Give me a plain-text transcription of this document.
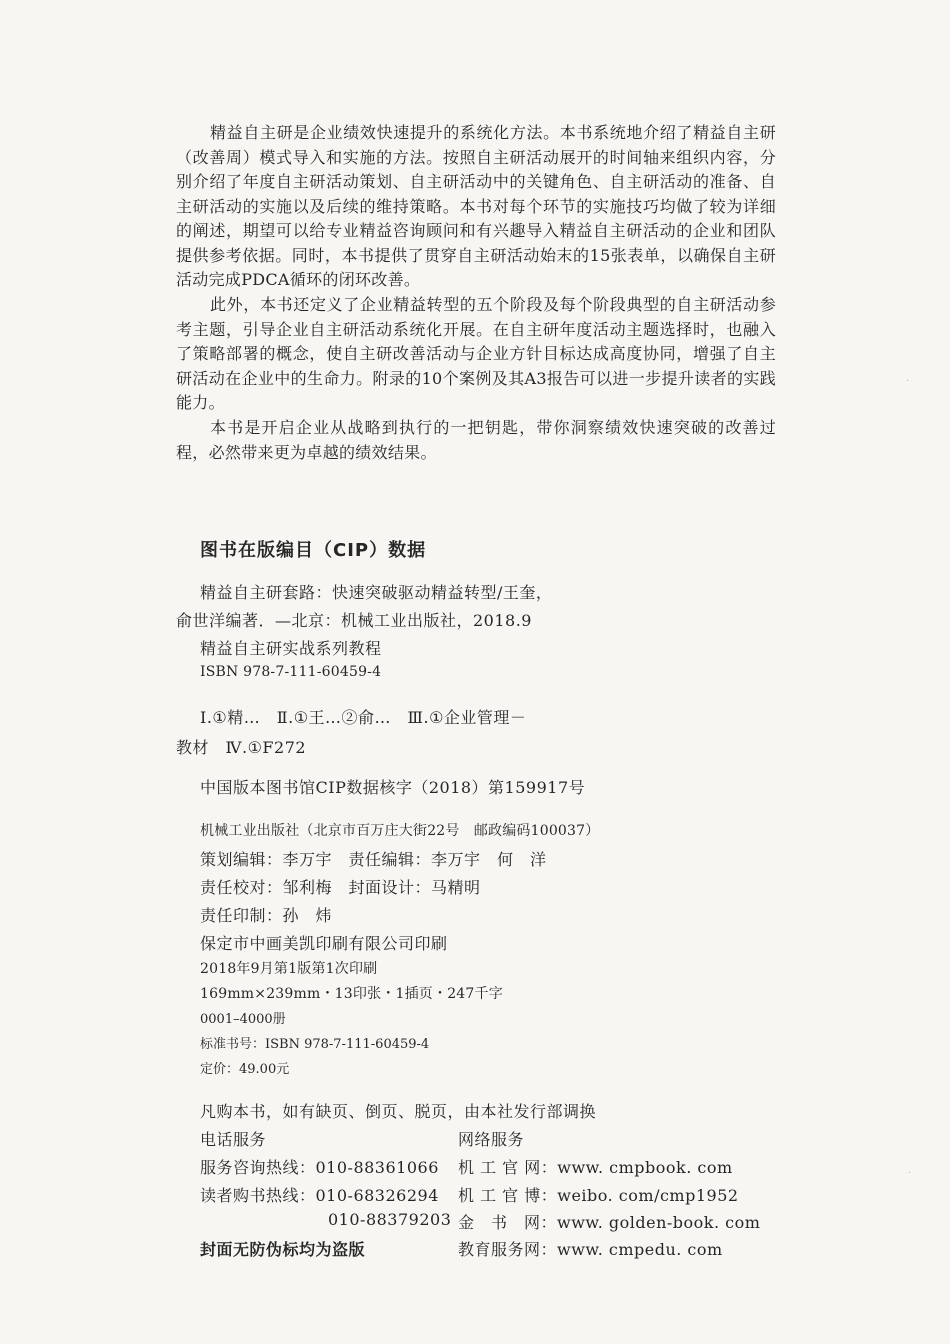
精益自主研是企业绩效快速提升的系统化方法。本书系统地介绍了精益自主研（改善周）模式导入和实施的方法。按照自主研活动展开的时间轴来组织内容，分别介绍了年度自主研活动策划、自主研活动中的关键角色、自主研活动的准备、自主研活动的实施以及后续的维持策略。本书对每个环节的实施技巧均做了较为详细的阐述，期望可以给专业精益咨询顾问和有兴趣导入精益自主研活动的企业和团队提供参考依据。同时，本书提供了贯穿自主研活动始末的15张表单，以确保自主研活动完成PDCA循环的闭环改善。

此外，本书还定义了企业精益转型的五个阶段及每个阶段典型的自主研活动参考主题，引导企业自主研活动系统化开展。在自主研年度活动主题选择时，也融入了策略部署的概念，使自主研改善活动与企业方针目标达成高度协同，增强了自主研活动在企业中的生命力。附录的10个案例及其A3报告可以进一步提升读者的实践能力。

本书是开启企业从战略到执行的一把钥匙，带你洞察绩效快速突破的改善过程，必然带来更为卓越的绩效结果。

图书在版编目（CIP）数据
精益自主研套路：快速突破驱动精益转型/王奎，
俞世洋编著．—北京：机械工业出版社，2018.9
精益自主研实战系列教程
ISBN 978-7-111-60459-4
Ⅰ.①精…　Ⅱ.①王…②俞…　Ⅲ.①企业管理－
教材　Ⅳ.①F272
中国版本图书馆CIP数据核字（2018）第159917号
机械工业出版社（北京市百万庄大街22号　邮政编码100037）
策划编辑：李万宇　责任编辑：李万宇　何　洋
责任校对：邹利梅　封面设计：马精明
责任印制：孙　炜
保定市中画美凯印刷有限公司印刷
2018年9月第1版第1次印刷
169mm×239mm・13印张・1插页・247千字
0001–4000册
标准书号：ISBN 978-7-111-60459-4
定价：49.00元
凡购本书，如有缺页、倒页、脱页，由本社发行部调换
电话服务	网络服务
服务咨询热线：010-88361066 机 工 官 网：www. cmpbook. com
读者购书热线：010-68326294 机 工 官 博：weibo. com/cmp1952
010-88379203 金　书　网：www. golden-book. com
封面无防伪标均为盗版	教育服务网：www. cmpedu. com
·
·
